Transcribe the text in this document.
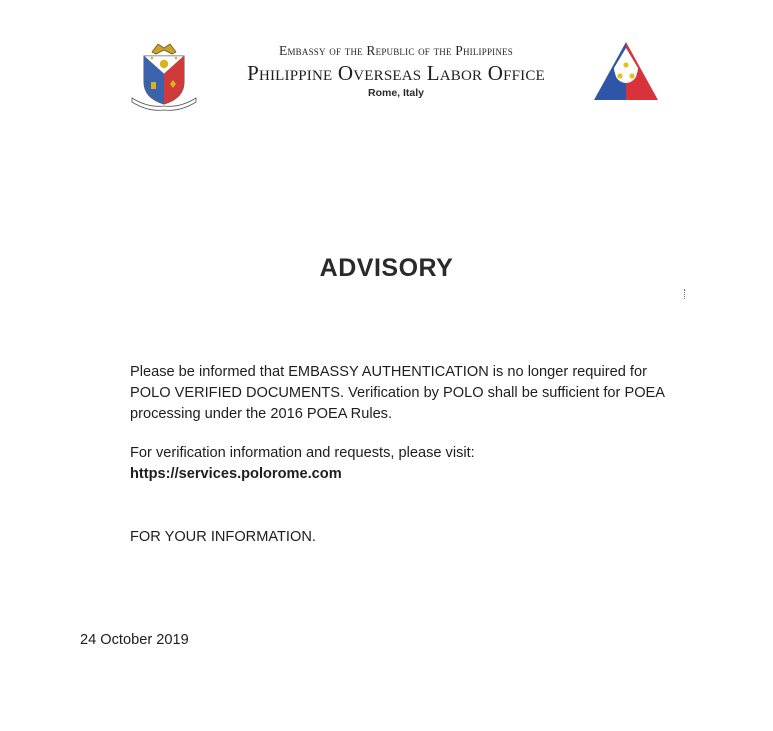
Embassy of the Republic of the Philippines
Philippine Overseas Labor Office
Rome, Italy
ADVISORY

Please be informed that EMBASSY AUTHENTICATION is no longer required for POLO VERIFIED DOCUMENTS. Verification by POLO shall be sufficient for POEA processing under the 2016 POEA Rules.

For verification information and requests, please visit:
https://services.polorome.com

FOR YOUR INFORMATION.
24 October 2019
